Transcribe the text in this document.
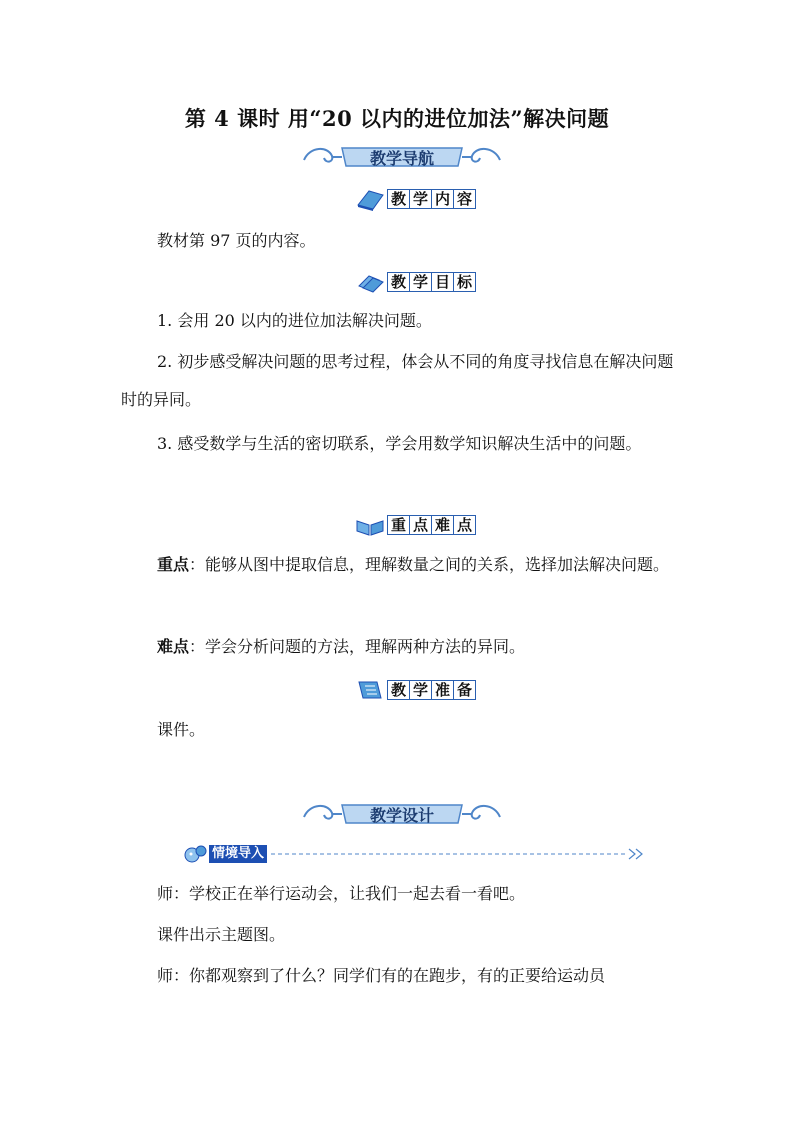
第 4 课时 用“20 以内的进位加法”解决问题
教学导航
教 学 内 容
教材第 97 页的内容。
教 学 目 标
1. 会用 20 以内的进位加法解决问题。
2. 初步感受解决问题的思考过程，体会从不同的角度寻找信息在解决问题时的异同。
3. 感受数学与生活的密切联系，学会用数学知识解决生活中的问题。
重 点 难 点
重点：能够从图中提取信息，理解数量之间的关系，选择加法解决问题。
难点：学会分析问题的方法，理解两种方法的异同。
教 学 准 备
课件。
教学设计
情境导入
师：学校正在举行运动会，让我们一起去看一看吧。
课件出示主题图。
师：你都观察到了什么？同学们有的在跑步，有的正要给运动员
